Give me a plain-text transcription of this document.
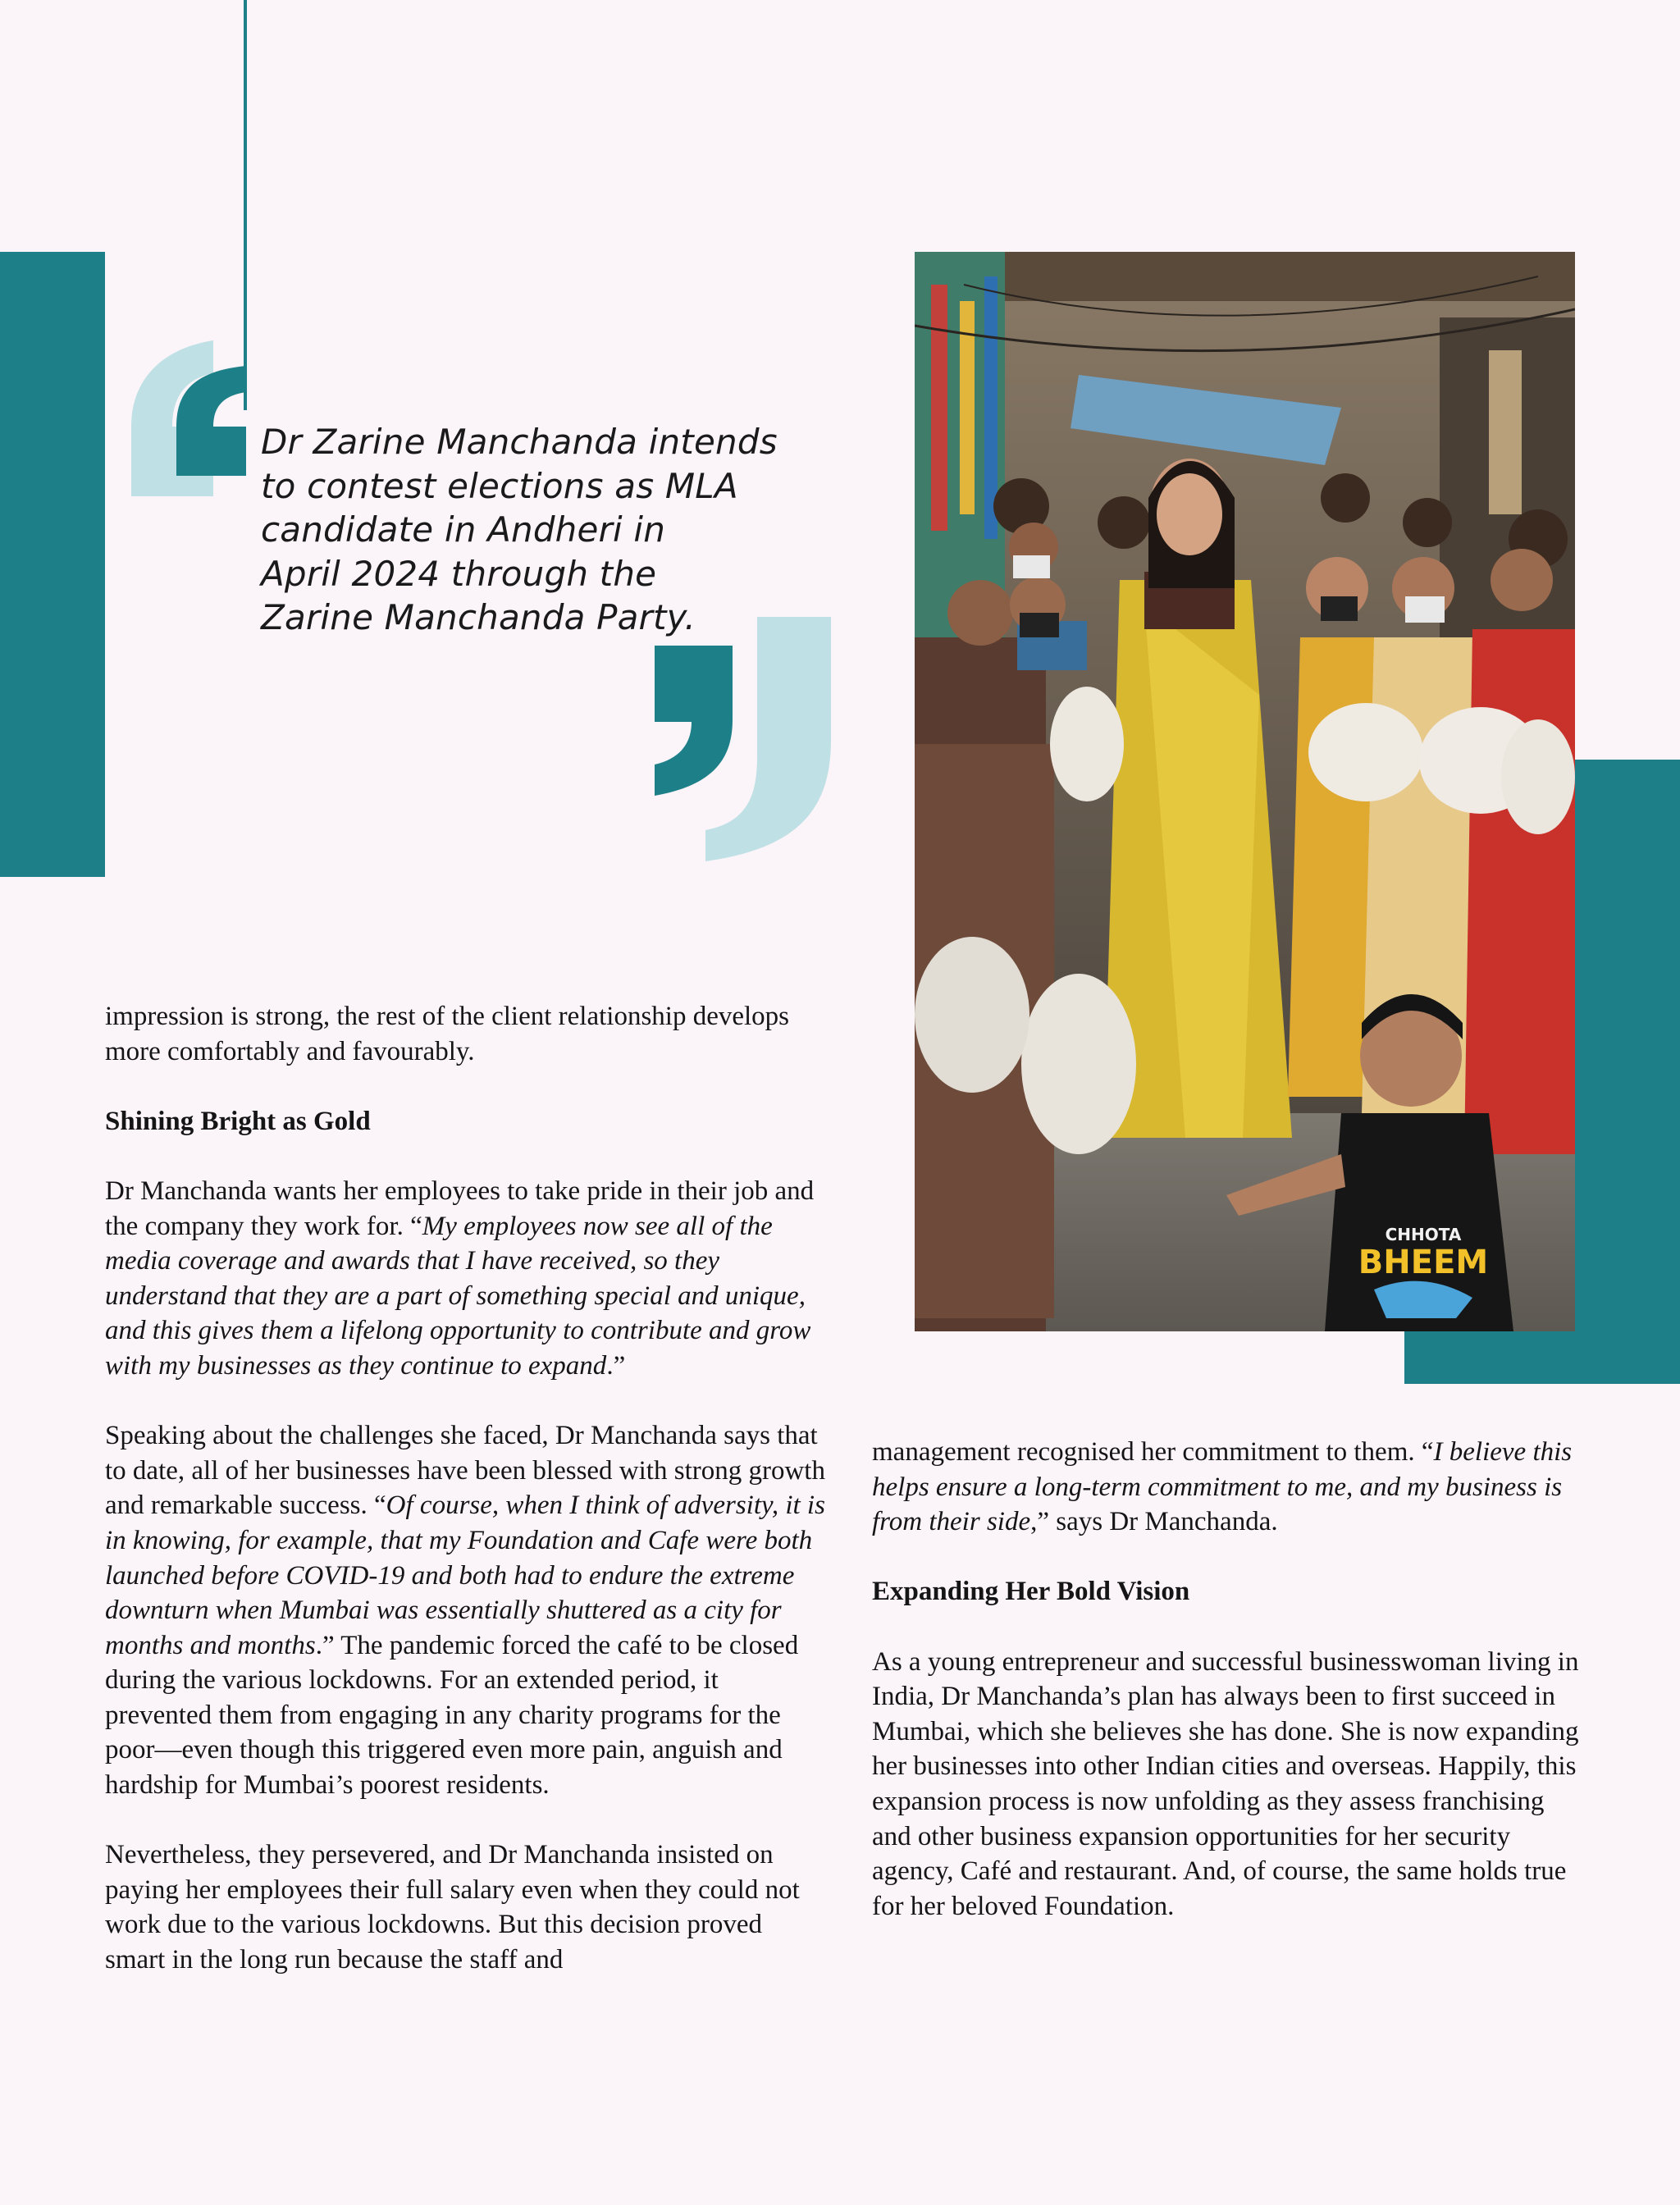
Dr Zarine Manchanda intends
to contest elections as MLA
candidate in Andheri in
April 2024 through the
Zarine Manchanda Party.
CHHOTA
BHEEM

impression is strong, the rest of the client relationship develops more comfortably and favourably.

Shining Bright as Gold

Dr Manchanda wants her employees to take pride in their job and the company they work for. “My employees now see all of the media coverage and awards that I have received, so they understand that they are a part of something special and unique, and this gives them a lifelong opportunity to contribute and grow with my businesses as they continue to expand.”

Speaking about the challenges she faced, Dr Manchanda says that to date, all of her businesses have been blessed with strong growth and remarkable success. “Of course, when I think of adversity, it is in knowing, for example, that my Foundation and Cafe were both launched before COVID-19 and both had to endure the extreme downturn when Mumbai was essentially shuttered as a city for months and months.” The pandemic forced the café to be closed during the various lockdowns. For an extended period, it prevented them from engaging in any charity programs for the poor—even though this triggered even more pain, anguish and hardship for Mumbai’s poorest residents.

Nevertheless, they persevered, and Dr Manchanda insisted on paying her employees their full salary even when they could not work due to the various lockdowns. But this decision proved smart in the long run because the staff and

management recognised her commitment to them. “I believe this helps ensure a long-term commitment to me, and my business is from their side,” says Dr Manchanda.

Expanding Her Bold Vision

As a young entrepreneur and successful businesswoman living in India, Dr Manchanda’s plan has always been to first succeed in Mumbai, which she believes she has done. She is now expanding her businesses into other Indian cities and overseas. Happily, this expansion process is now unfolding as they assess franchising and other business expansion opportunities for her security agency, Café and restaurant. And, of course, the same holds true for her beloved Foundation.
